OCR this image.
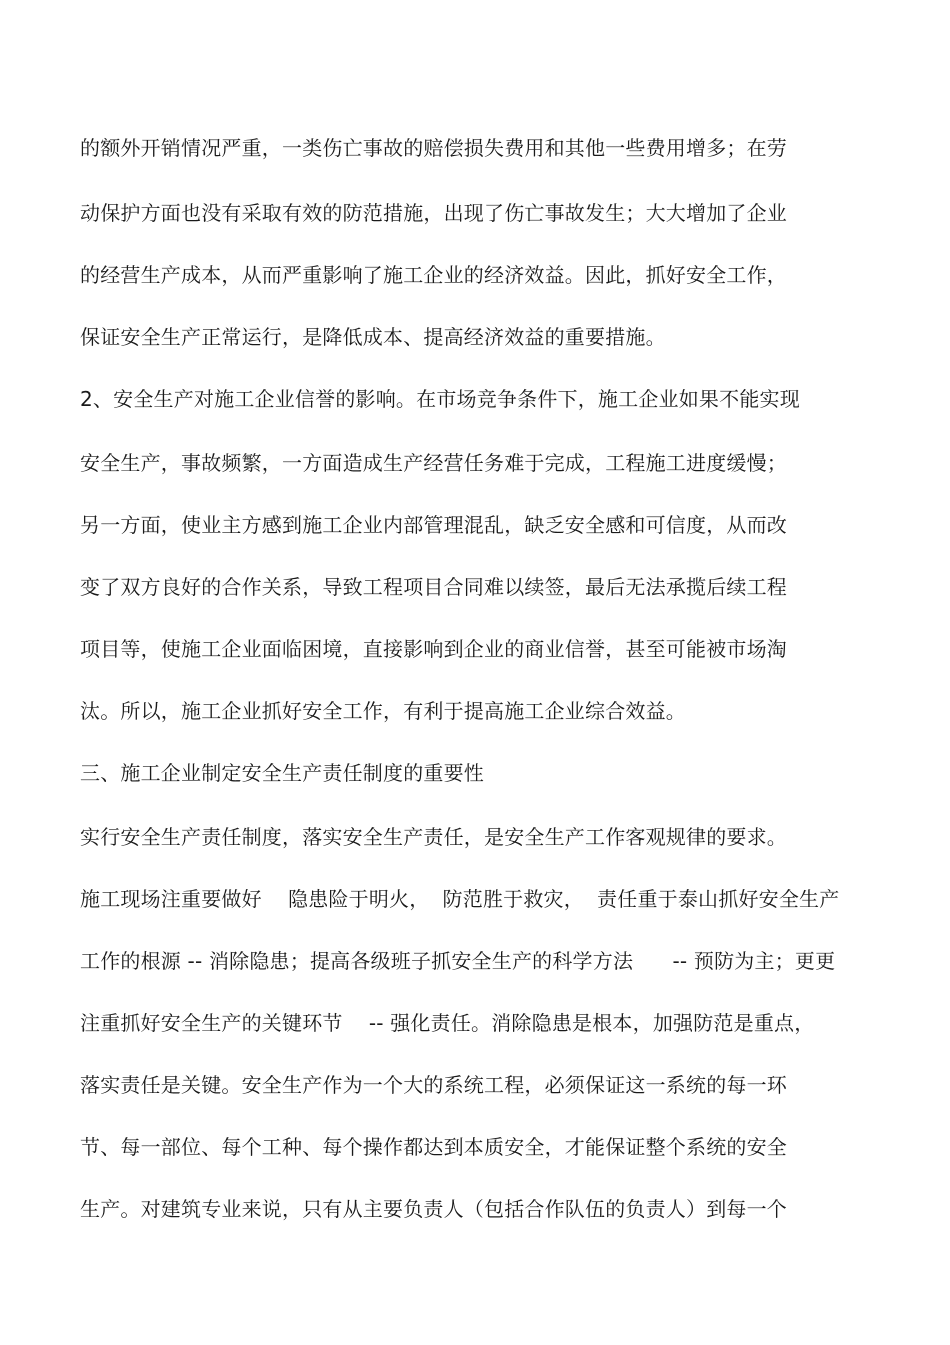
的额外开销情况严重，一类伤亡事故的赔偿损失费用和其他一些费用增多；在劳
动保护方面也没有采取有效的防范措施，出现了伤亡事故发生；大大增加了企业
的经营生产成本，从而严重影响了施工企业的经济效益。因此，抓好安全工作，
保证安全生产正常运行，是降低成本、提高经济效益的重要措施。
2、安全生产对施工企业信誉的影响。在市场竞争条件下，施工企业如果不能实现
安全生产，事故频繁，一方面造成生产经营任务难于完成，工程施工进度缓慢；
另一方面，使业主方感到施工企业内部管理混乱，缺乏安全感和可信度，从而改
变了双方良好的合作关系，导致工程项目合同难以续签，最后无法承揽后续工程
项目等，使施工企业面临困境，直接影响到企业的商业信誉，甚至可能被市场淘
汰。所以，施工企业抓好安全工作，有利于提高施工企业综合效益。
三、施工企业制定安全生产责任制度的重要性
实行安全生产责任制度，落实安全生产责任，是安全生产工作客观规律的要求。
施工现场注重要做好    隐患险于明火，  防范胜于救灾，  责任重于泰山抓好安全生产
工作的根源 -- 消除隐患；提高各级班子抓安全生产的科学方法      -- 预防为主；更更
注重抓好安全生产的关键环节    -- 强化责任。消除隐患是根本，加强防范是重点，
落实责任是关键。安全生产作为一个大的系统工程，必须保证这一系统的每一环
节、每一部位、每个工种、每个操作都达到本质安全，才能保证整个系统的安全
生产。对建筑专业来说，只有从主要负责人（包括合作队伍的负责人）到每一个
